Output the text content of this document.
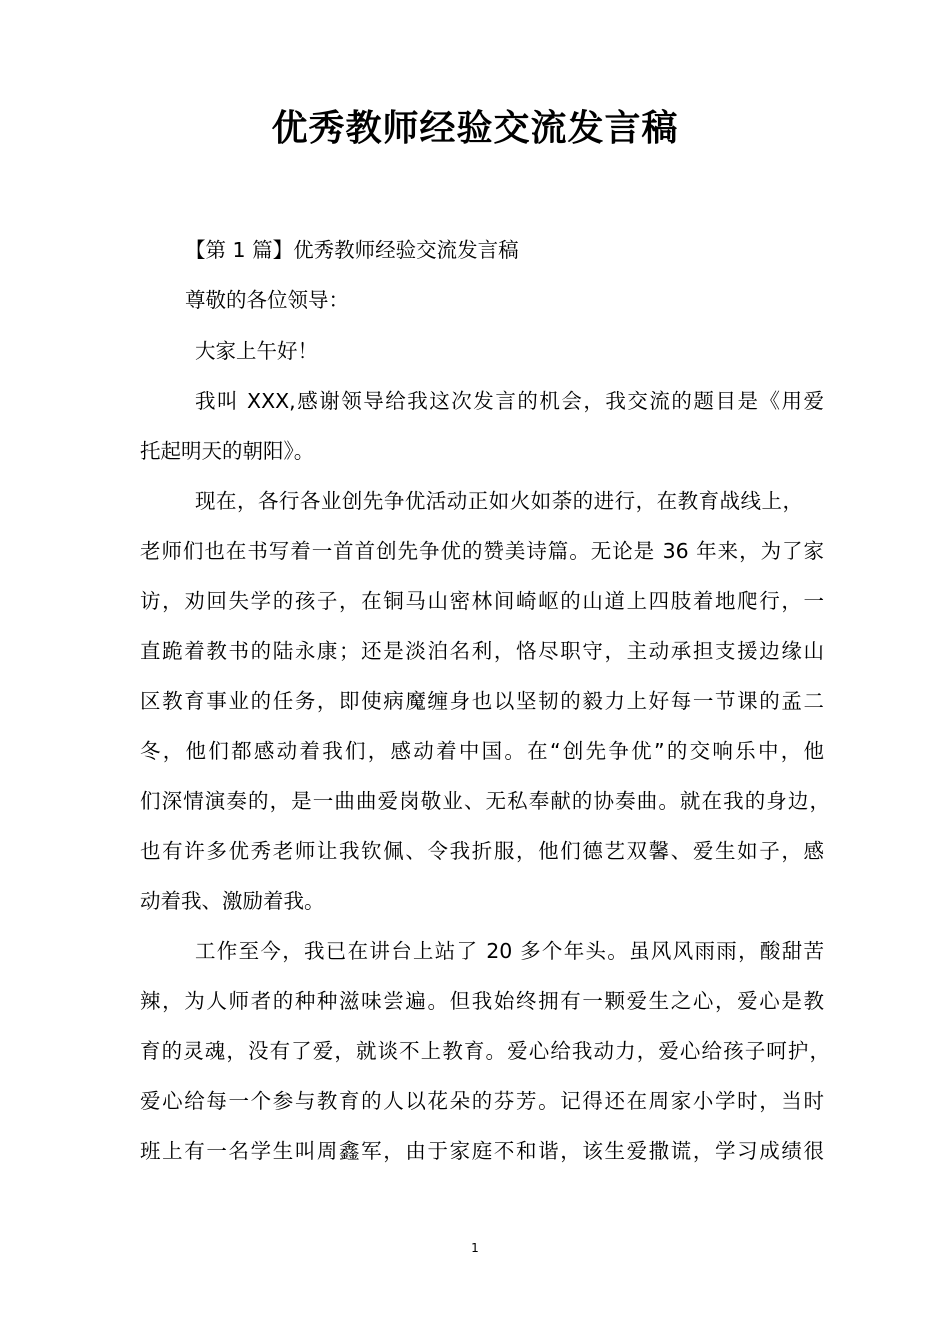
优秀教师经验交流发言稿
【第 1 篇】优秀教师经验交流发言稿
尊敬的各位领导：
大家上午好！
我叫 XXX,感谢领导给我这次发言的机会，我交流的题目是《用爱
托起明天的朝阳》。
现在，各行各业创先争优活动正如火如荼的进行，在教育战线上，
老师们也在书写着一首首创先争优的赞美诗篇。无论是 36 年来，为了家
访，劝回失学的孩子，在铜马山密林间崎岖的山道上四肢着地爬行，一
直跪着教书的陆永康；还是淡泊名利，恪尽职守，主动承担支援边缘山
区教育事业的任务，即使病魔缠身也以坚韧的毅力上好每一节课的孟二
冬，他们都感动着我们，感动着中国。在“创先争优”的交响乐中，他
们深情演奏的，是一曲曲爱岗敬业、无私奉献的协奏曲。就在我的身边，
也有许多优秀老师让我钦佩、令我折服，他们德艺双馨、爱生如子，感
动着我、激励着我。
工作至今，我已在讲台上站了 20 多个年头。虽风风雨雨，酸甜苦
辣，为人师者的种种滋味尝遍。但我始终拥有一颗爱生之心，爱心是教
育的灵魂，没有了爱，就谈不上教育。爱心给我动力，爱心给孩子呵护，
爱心给每一个参与教育的人以花朵的芬芳。记得还在周家小学时，当时
班上有一名学生叫周鑫军，由于家庭不和谐，该生爱撒谎，学习成绩很
1
